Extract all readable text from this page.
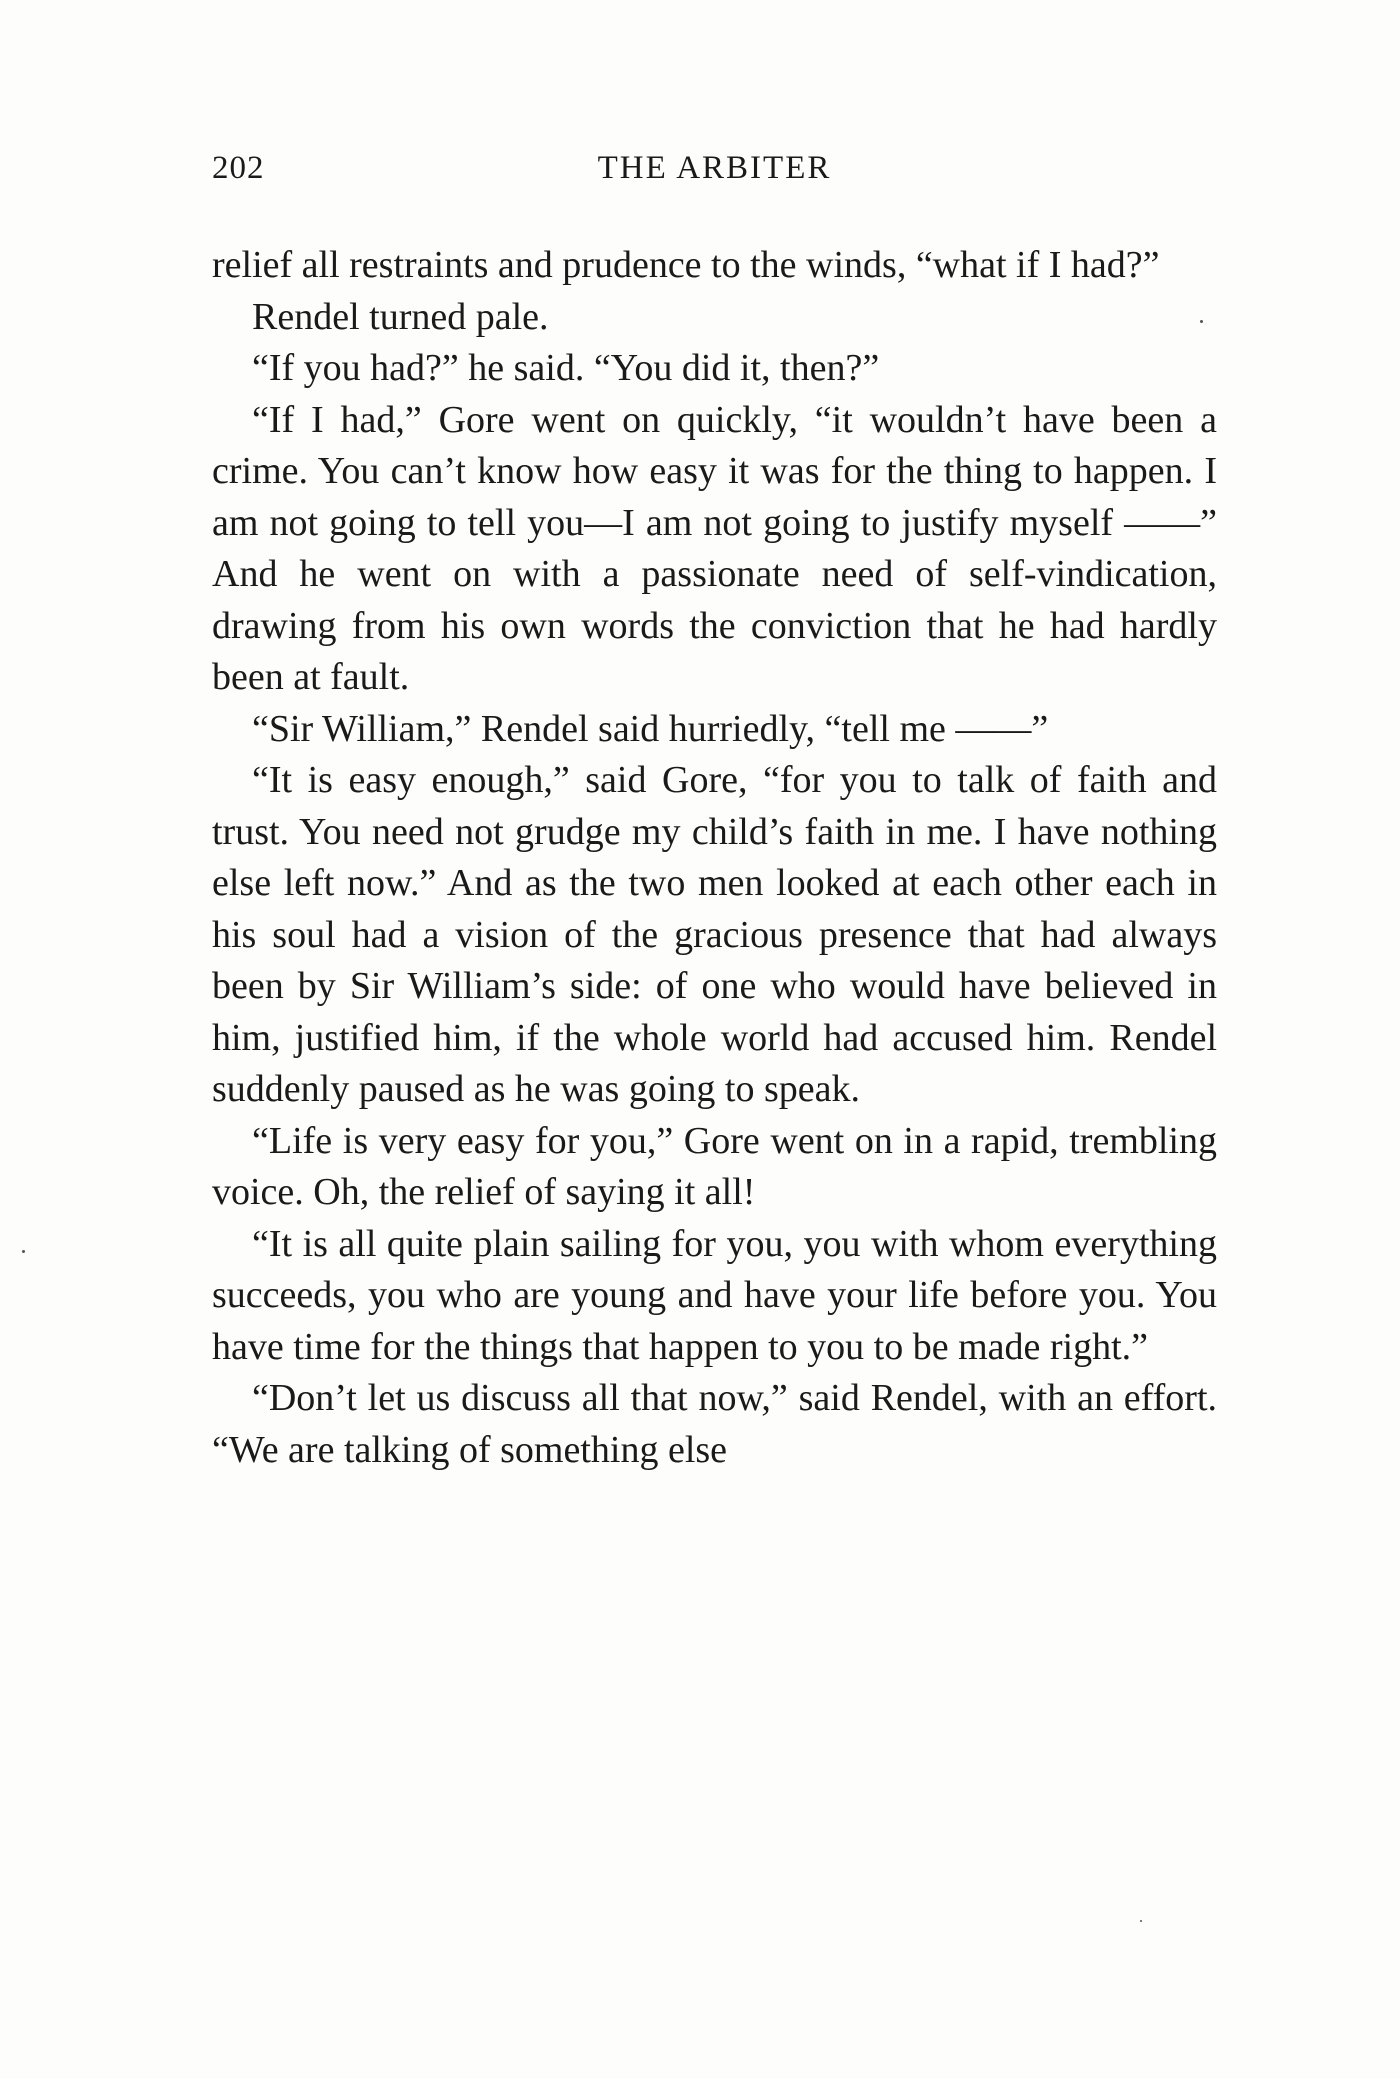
202	THE ARBITER

relief all restraints and prudence to the winds, “what if I had?”

Rendel turned pale.

“If you had?” he said. “You did it, then?”

“If I had,” Gore went on quickly, “it wouldn’t have been a crime. You can’t know how easy it was for the thing to happen. I am not going to tell you—I am not going to justify myself ——” And he went on with a passionate need of self-vindication, drawing from his own words the conviction that he had hardly been at fault.

“Sir William,” Rendel said hurriedly, “tell me ——”

“It is easy enough,” said Gore, “for you to talk of faith and trust. You need not grudge my child’s faith in me. I have nothing else left now.” And as the two men looked at each other each in his soul had a vision of the gracious presence that had always been by Sir William’s side: of one who would have believed in him, justified him, if the whole world had accused him. Rendel suddenly paused as he was going to speak.

“Life is very easy for you,” Gore went on in a rapid, trembling voice. Oh, the relief of saying it all!

“It is all quite plain sailing for you, you with whom everything succeeds, you who are young and have your life before you. You have time for the things that happen to you to be made right.”

“Don’t let us discuss all that now,” said Rendel, with an effort. “We are talking of something else
